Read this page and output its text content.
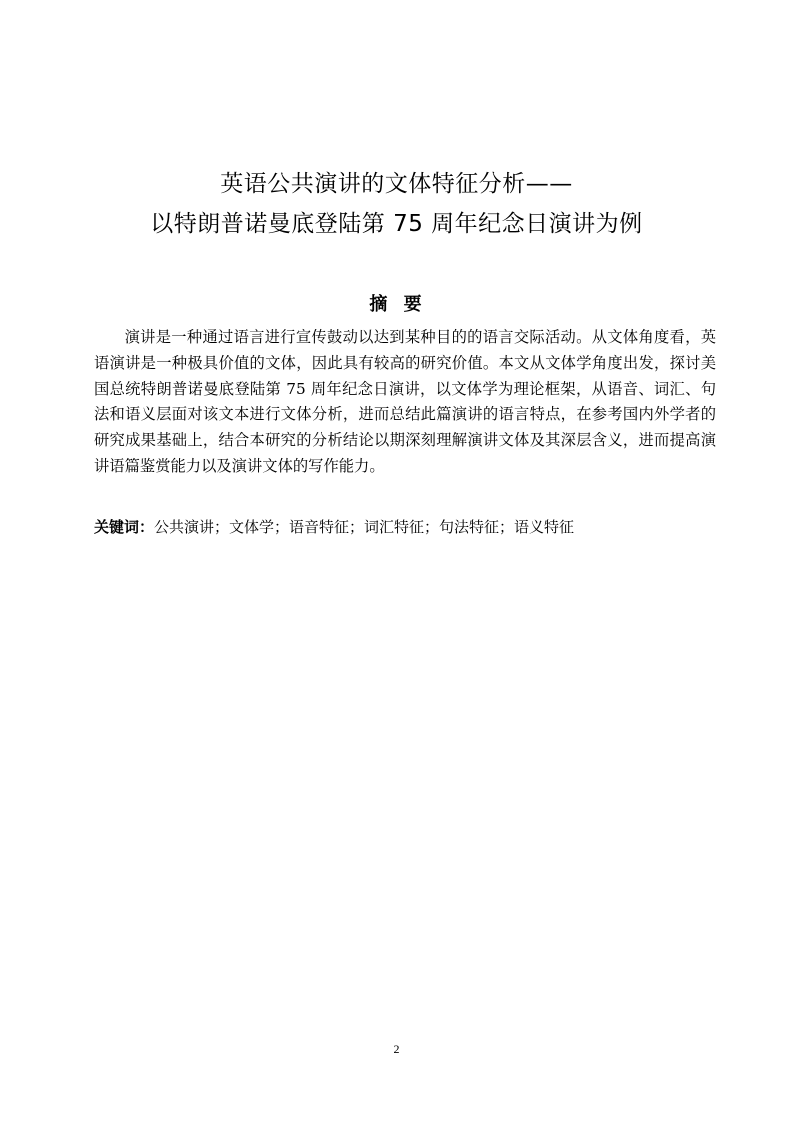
英语公共演讲的文体特征分析——
以特朗普诺曼底登陆第 75 周年纪念日演讲为例
摘 要
演讲是一种通过语言进行宣传鼓动以达到某种目的的语言交际活动。从文体角度看，英语演讲是一种极具价值的文体，因此具有较高的研究价值。本文从文体学角度出发，探讨美国总统特朗普诺曼底登陆第 75 周年纪念日演讲，以文体学为理论框架，从语音、词汇、句法和语义层面对该文本进行文体分析，进而总结此篇演讲的语言特点，在参考国内外学者的研究成果基础上，结合本研究的分析结论以期深刻理解演讲文体及其深层含义，进而提高演讲语篇鉴赏能力以及演讲文体的写作能力。
关键词：公共演讲；文体学；语音特征；词汇特征；句法特征；语义特征
2
